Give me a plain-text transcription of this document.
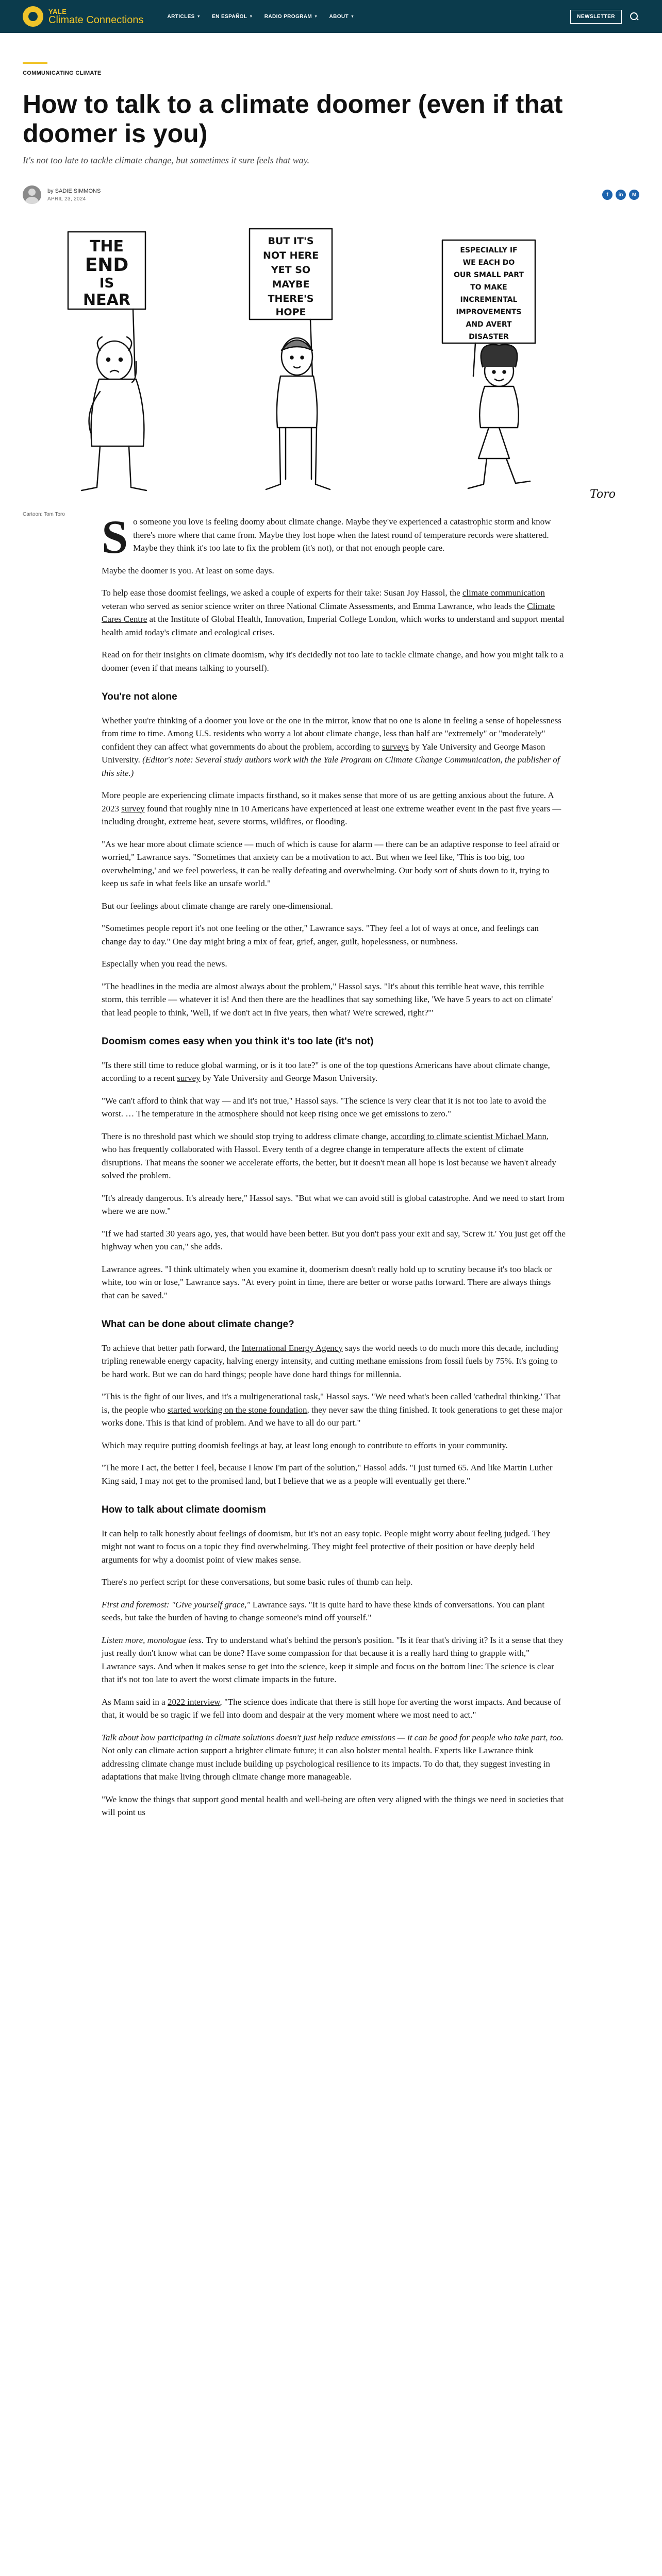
YALE
Climate Connections	ARTICLES ▼ EN ESPAÑOL ▼ RADIO PROGRAM ▼ ABOUT ▼	NEWSLETTER
COMMUNICATING CLIMATE
How to talk to a climate doomer (even if that doomer is you)

It's not too late to tackle climate change, but sometimes it sure feels that way.

by SADIE SIMMONS
APRIL 23, 2024
f	in	M
THE
END
IS
NEAR
BUT IT'S
NOT HERE
YET SO
MAYBE
THERE'S
HOPE
ESPECIALLY IF
WE EACH DO
OUR SMALL PART
TO MAKE
INCREMENTAL
IMPROVEMENTS
AND AVERT
DISASTER
Toro
Cartoon: Tom Toro So someone you love is feeling doomy about climate change. Maybe they've experienced a catastrophic storm and know there's more where that came from. Maybe they lost hope when the latest round of temperature records were shattered. Maybe they think it's too late to fix the problem (it's not), or that not enough people care.

Maybe the doomer is you. At least on some days.

To help ease those doomist feelings, we asked a couple of experts for their take: Susan Joy Hassol, the climate communication veteran who served as senior science writer on three National Climate Assessments, and Emma Lawrance, who leads the Climate Cares Centre at the Institute of Global Health, Innovation, Imperial College London, which works to understand and support mental health amid today's climate and ecological crises.

Read on for their insights on climate doomism, why it's decidedly not too late to tackle climate change, and how you might talk to a doomer (even if that means talking to yourself).

You're not alone

Whether you're thinking of a doomer you love or the one in the mirror, know that no one is alone in feeling a sense of hopelessness from time to time. Among U.S. residents who worry a lot about climate change, less than half are "extremely" or "moderately" confident they can affect what governments do about the problem, according to surveys by Yale University and George Mason University. (Editor's note: Several study authors work with the Yale Program on Climate Change Communication, the publisher of this site.)

More people are experiencing climate impacts firsthand, so it makes sense that more of us are getting anxious about the future. A 2023 survey found that roughly nine in 10 Americans have experienced at least one extreme weather event in the past five years — including drought, extreme heat, severe storms, wildfires, or flooding.

"As we hear more about climate science — much of which is cause for alarm — there can be an adaptive response to feel afraid or worried," Lawrance says. "Sometimes that anxiety can be a motivation to act. But when we feel like, 'This is too big, too overwhelming,' and we feel powerless, it can be really defeating and overwhelming. Our body sort of shuts down to it, trying to keep us safe in what feels like an unsafe world."

But our feelings about climate change are rarely one-dimensional.

"Sometimes people report it's not one feeling or the other," Lawrance says. "They feel a lot of ways at once, and feelings can change day to day." One day might bring a mix of fear, grief, anger, guilt, hopelessness, or numbness.

Especially when you read the news.

"The headlines in the media are almost always about the problem," Hassol says. "It's about this terrible heat wave, this terrible storm, this terrible — whatever it is! And then there are the headlines that say something like, 'We have 5 years to act on climate' that lead people to think, 'Well, if we don't act in five years, then what? We're screwed, right?'"

Doomism comes easy when you think it's too late (it's not)

"Is there still time to reduce global warming, or is it too late?" is one of the top questions Americans have about climate change, according to a recent survey by Yale University and George Mason University.

"We can't afford to think that way — and it's not true," Hassol says. "The science is very clear that it is not too late to avoid the worst. … The temperature in the atmosphere should not keep rising once we get emissions to zero."

There is no threshold past which we should stop trying to address climate change, according to climate scientist Michael Mann, who has frequently collaborated with Hassol. Every tenth of a degree change in temperature affects the extent of climate disruptions. That means the sooner we accelerate efforts, the better, but it doesn't mean all hope is lost because we haven't already solved the problem.

"It's already dangerous. It's already here," Hassol says. "But what we can avoid still is global catastrophe. And we need to start from where we are now."

"If we had started 30 years ago, yes, that would have been better. But you don't pass your exit and say, 'Screw it.' You just get off the highway when you can," she adds.

Lawrance agrees. "I think ultimately when you examine it, doomerism doesn't really hold up to scrutiny because it's too black or white, too win or lose," Lawrance says. "At every point in time, there are better or worse paths forward. There are always things that can be saved."

What can be done about climate change?

To achieve that better path forward, the International Energy Agency says the world needs to do much more this decade, including tripling renewable energy capacity, halving energy intensity, and cutting methane emissions from fossil fuels by 75%. It's going to be hard work. But we can do hard things; people have done hard things for millennia.

"This is the fight of our lives, and it's a multigenerational task," Hassol says. "We need what's been called 'cathedral thinking.' That is, the people who started working on the stone foundation, they never saw the thing finished. It took generations to get these major works done. This is that kind of problem. And we have to all do our part."

Which may require putting doomish feelings at bay, at least long enough to contribute to efforts in your community.

"The more I act, the better I feel, because I know I'm part of the solution," Hassol adds. "I just turned 65. And like Martin Luther King said, I may not get to the promised land, but I believe that we as a people will eventually get there."

How to talk about climate doomism

It can help to talk honestly about feelings of doomism, but it's not an easy topic. People might worry about feeling judged. They might not want to focus on a topic they find overwhelming. They might feel protective of their position or have deeply held arguments for why a doomist point of view makes sense.

There's no perfect script for these conversations, but some basic rules of thumb can help.

First and foremost: "Give yourself grace," Lawrance says. "It is quite hard to have these kinds of conversations. You can plant seeds, but take the burden of having to change someone's mind off yourself."

Listen more, monologue less. Try to understand what's behind the person's position. "Is it fear that's driving it? Is it a sense that they just really don't know what can be done? Have some compassion for that because it is a really hard thing to grapple with," Lawrance says. And when it makes sense to get into the science, keep it simple and focus on the bottom line: The science is clear that it's not too late to avert the worst climate impacts in the future.

As Mann said in a 2022 interview, "The science does indicate that there is still hope for averting the worst impacts. And because of that, it would be so tragic if we fell into doom and despair at the very moment where we most need to act."

Talk about how participating in climate solutions doesn't just help reduce emissions — it can be good for people who take part, too. Not only can climate action support a brighter climate future; it can also bolster mental health. Experts like Lawrance think addressing climate change must include building up psychological resilience to its impacts. To do that, they suggest investing in adaptations that make living through climate change more manageable.

"We know the things that support good mental health and well-being are often very aligned with the things we need in societies that will point us
